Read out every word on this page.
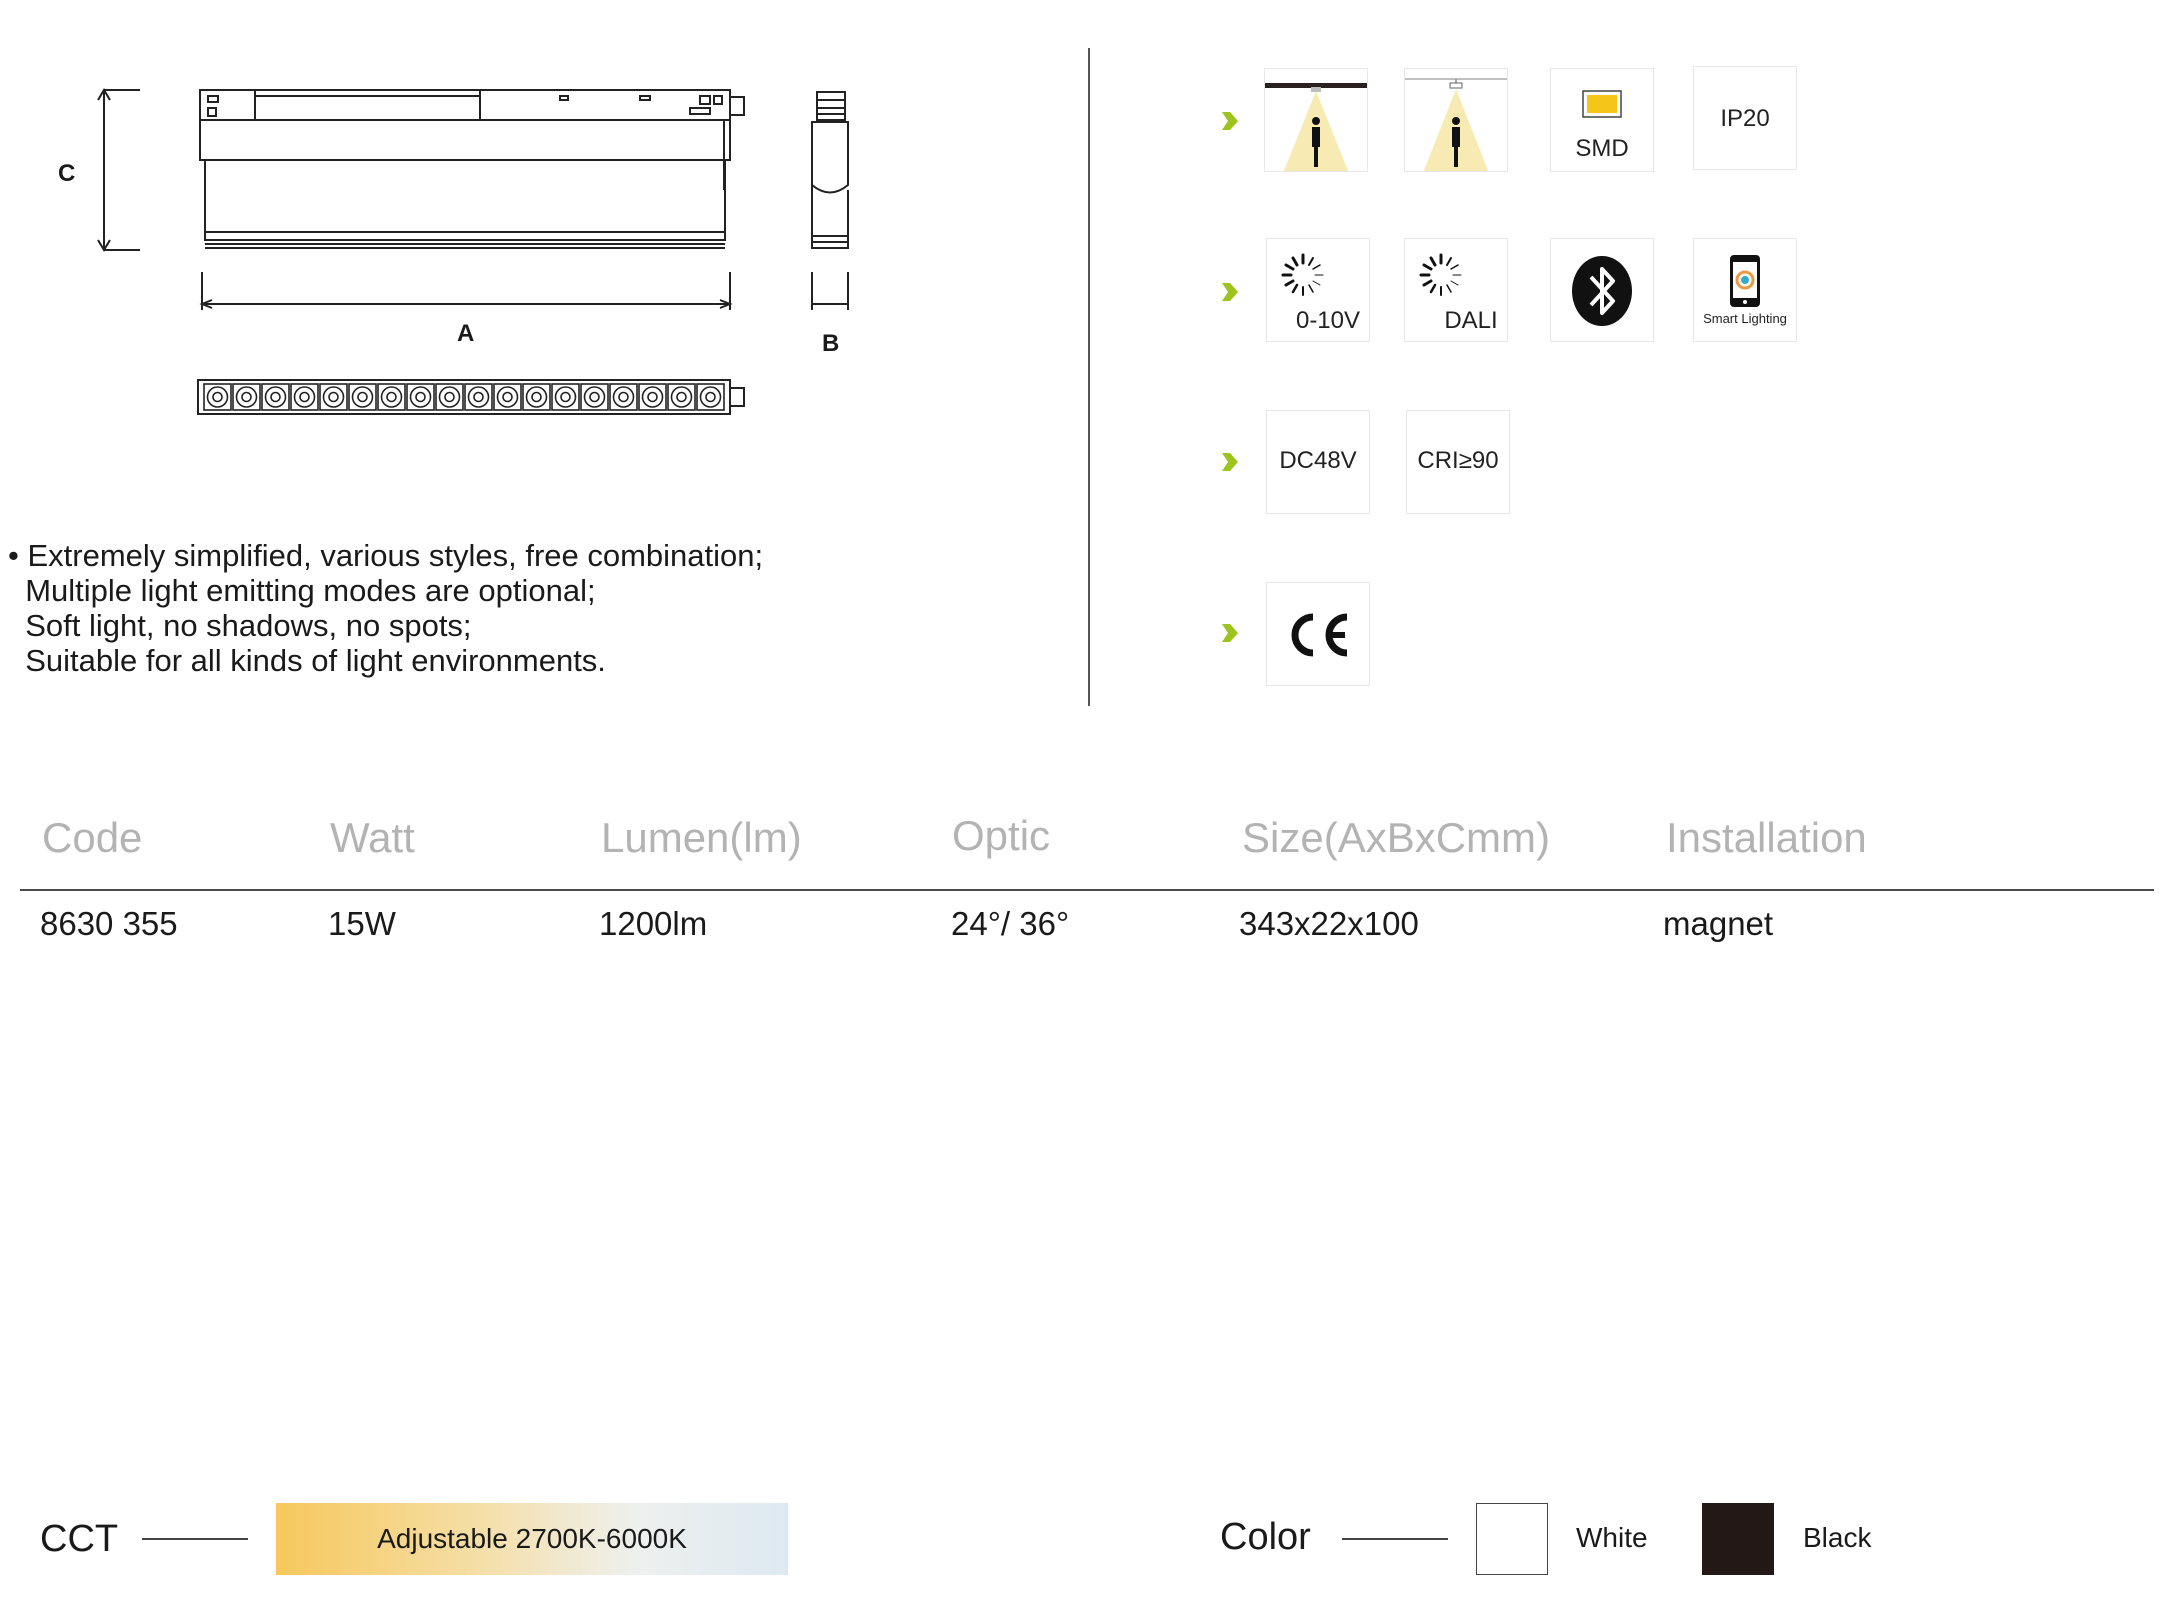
C
A	B
• Extremely simplified, various styles, free combination;
Multiple light emitting modes are optional;
Soft light, no shadows, no spots;
Suitable for all kinds of light environments.
SMD
IP20
0-10V	DALI	Smart Lighting
DC48V	CRI≥90
Code	Watt	Lumen(lm)	Optic	Size(AxBxCmm)	Installation
8630 355	15W	1200lm	24°/ 36°	343x22x100	magnet
CCT	Adjustable 2700K-6000K	Color	White	Black
